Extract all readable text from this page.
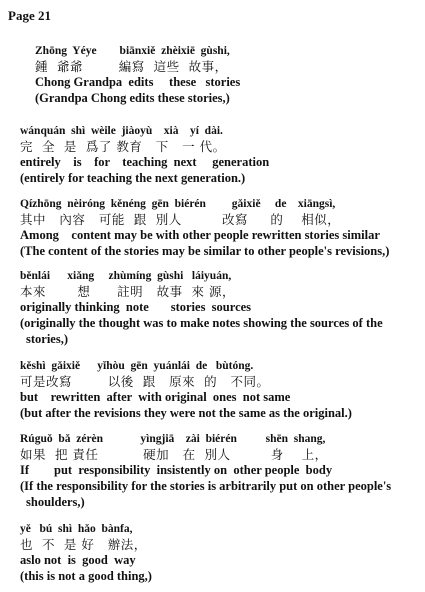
Page 21
Zhōng  Yéye        biānxiě  zhèixiē  gùshi,
鍾  爺爺        編寫  這些  故事，
Chong Grandpa  edits     these   stories
(Grandpa Chong edits these stories,)
wánquán  shì  wèile  jiàoyù    xià    yí  dài.
完  全  是  爲了 教育   下   一 代。
entirely    is    for    teaching  next     generation
(entirely for teaching the next generation.)
Qízhōng  nèiróng  kěnéng  gēn  biérén         gǎixiě     de    xiāngsì,
其中   內容   可能  跟  別人         改寫     的    相似，
Among    content may be with other people rewritten stories similar
(The content of the stories may be similar to other people's revisions,)
běnlái      xiǎng     zhùmíng  gùshi   láiyuán,
本來       想      註明   故事  來 源，
originally thinking  note       stories  sources
(originally the thought was to make notes showing the sources of the
stories,)
kěshì  gǎixiě      yǐhòu  gēn  yuánlái  de   bùtóng.
可是改寫        以後  跟   原來  的   不同。
but    rewritten  after  with original  ones  not same
(but after the revisions they were not the same as the original.)
Rúguǒ  bǎ  zérèn             yìngjiā    zài  biérén          shēn  shang,
如果  把 責任          硬加   在  別人         身    上，
If        put  responsibility  insistently on  other people  body
(If the responsibility for the stories is arbitrarily put on other people's
shoulders,)
yě   bú  shì  hǎo  bànfa,
也  不  是 好   辦法，
aslo not  is  good  way
(this is not a good thing,)
